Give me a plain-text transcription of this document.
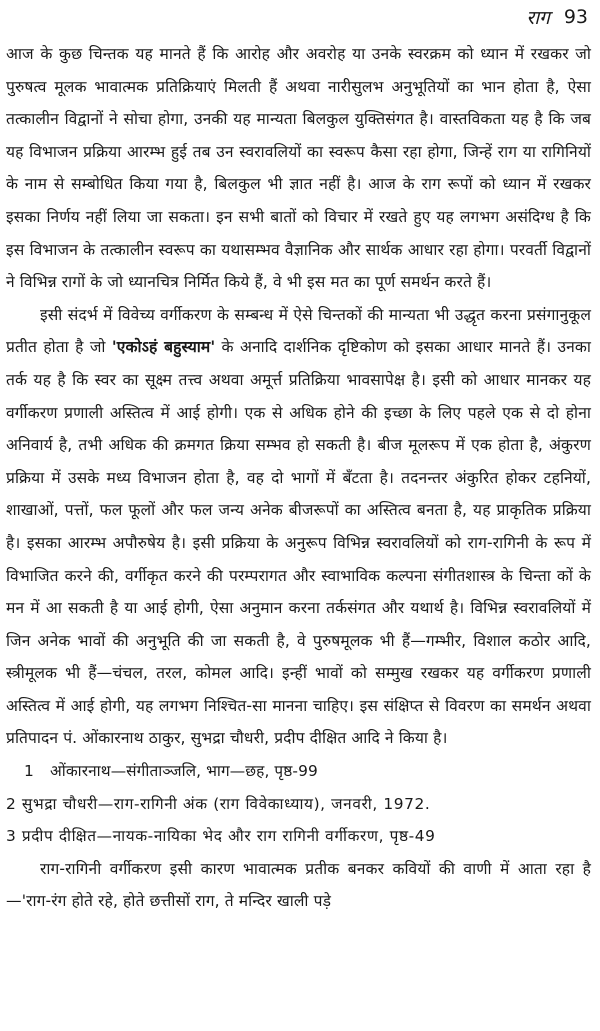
राग 93

आज के कुछ चिन्तक यह मानते हैं कि आरोह और अवरोह या उनके स्वरक्रम को ध्यान में रखकर जो पुरुषत्व मूलक भावात्मक प्रतिक्रियाएं मिलती हैं अथवा नारीसुलभ अनुभूतियों का भान होता है, ऐसा तत्कालीन विद्वानों ने सोचा होगा, उनकी यह मान्यता बिलकुल युक्तिसंगत है। वास्तविकता यह है कि जब यह विभाजन प्रक्रिया आरम्भ हुई तब उन स्वरावलियों का स्वरूप कैसा रहा होगा, जिन्हें राग या रागिनियों के नाम से सम्बोधित किया गया है, बिलकुल भी ज्ञात नहीं है। आज के राग रूपों को ध्यान में रखकर इसका निर्णय नहीं लिया जा सकता। इन सभी बातों को विचार में रखते हुए यह लगभग असंदिग्ध है कि इस विभाजन के तत्कालीन स्वरूप का यथासम्भव वैज्ञानिक और सार्थक आधार रहा होगा। परवर्ती विद्वानों ने विभिन्न रागों के जो ध्यानचित्र निर्मित किये हैं, वे भी इस मत का पूर्ण समर्थन करते हैं।

इसी संदर्भ में विवेच्य वर्गीकरण के सम्बन्ध में ऐसे चिन्तकों की मान्यता भी उद्धृत करना प्रसंगानुकूल प्रतीत होता है जो 'एकोऽहं बहुस्याम' के अनादि दार्शनिक दृष्टिकोण को इसका आधार मानते हैं। उनका तर्क यह है कि स्वर का सूक्ष्म तत्त्व अथवा अमूर्त्त प्रतिक्रिया भावसापेक्ष है। इसी को आधार मानकर यह वर्गीकरण प्रणाली अस्तित्व में आई होगी। एक से अधिक होने की इच्छा के लिए पहले एक से दो होना अनिवार्य है, तभी अधिक की क्रमगत क्रिया सम्भव हो सकती है। बीज मूलरूप में एक होता है, अंकुरण प्रक्रिया में उसके मध्य विभाजन होता है, वह दो भागों में बँटता है। तदनन्तर अंकुरित होकर टहनियों, शाखाओं, पत्तों, फल फूलों और फल जन्य अनेक बीजरूपों का अस्तित्व बनता है, यह प्राकृतिक प्रक्रिया है। इसका आरम्भ अपौरुषेय है। इसी प्रक्रिया के अनुरूप विभिन्न स्वरावलियों को राग-रागिनी के रूप में विभाजित करने की, वर्गीकृत करने की परम्परागत और स्वाभाविक कल्पना संगीतशास्त्र के चिन्ता कों के मन में आ सकती है या आई होगी, ऐसा अनुमान करना तर्कसंगत और यथार्थ है। विभिन्न स्वरावलियों में जिन अनेक भावों की अनुभूति की जा सकती है, वे पुरुषमूलक भी हैं—गम्भीर, विशाल कठोर आदि, स्त्रीमूलक भी हैं—चंचल, तरल, कोमल आदि। इन्हीं भावों को सम्मुख रखकर यह वर्गीकरण प्रणाली अस्तित्व में आई होगी, यह लगभग निश्चित-सा मानना चाहिए। इस संक्षिप्त से विवरण का समर्थन अथवा प्रतिपादन पं. ओंकारनाथ ठाकुर, सुभद्रा चौधरी, प्रदीप दीक्षित आदि ने किया है।

1 ओंकारनाथ—संगीताञ्जलि, भाग—छह, पृष्ठ-99

2 सुभद्रा चौधरी—राग-रागिनी अंक (राग विवेकाध्याय), जनवरी, 1972.

3 प्रदीप दीक्षित—नायक-नायिका भेद और राग रागिनी वर्गीकरण, पृष्ठ-49

राग-रागिनी वर्गीकरण इसी कारण भावात्मक प्रतीक बनकर कवियों की वाणी में आता रहा है—'राग-रंग होते रहे, होते छत्तीसों राग, ते मन्दिर खाली पड़े
